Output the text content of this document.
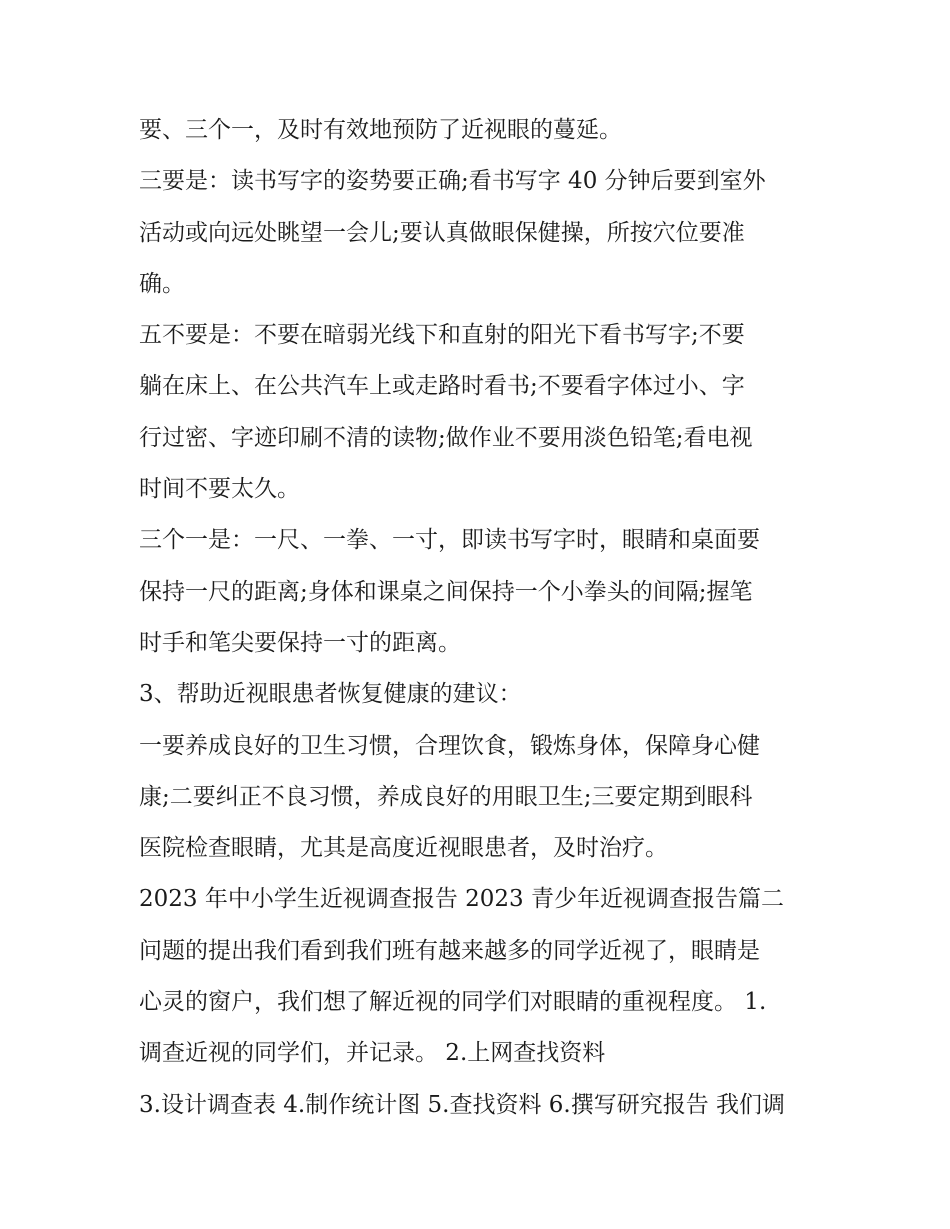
要、三个一，及时有效地预防了近视眼的蔓延。
三要是：读书写字的姿势要正确;看书写字 40 分钟后要到室外
活动或向远处眺望一会儿;要认真做眼保健操，所按穴位要准
确。
五不要是：不要在暗弱光线下和直射的阳光下看书写字;不要
躺在床上、在公共汽车上或走路时看书;不要看字体过小、字
行过密、字迹印刷不清的读物;做作业不要用淡色铅笔;看电视
时间不要太久。
三个一是：一尺、一拳、一寸，即读书写字时，眼睛和桌面要
保持一尺的距离;身体和课桌之间保持一个小拳头的间隔;握笔
时手和笔尖要保持一寸的距离。
3、帮助近视眼患者恢复健康的建议：
一要养成良好的卫生习惯，合理饮食，锻炼身体，保障身心健
康;二要纠正不良习惯，养成良好的用眼卫生;三要定期到眼科
医院检查眼睛，尤其是高度近视眼患者，及时治疗。
2023 年中小学生近视调查报告 2023 青少年近视调查报告篇二
问题的提出我们看到我们班有越来越多的同学近视了，眼睛是
心灵的窗户，我们想了解近视的同学们对眼睛的重视程度。 1.
调查近视的同学们，并记录。 2.上网查找资料
3.设计调查表 4.制作统计图 5.查找资料 6.撰写研究报告 我们调
